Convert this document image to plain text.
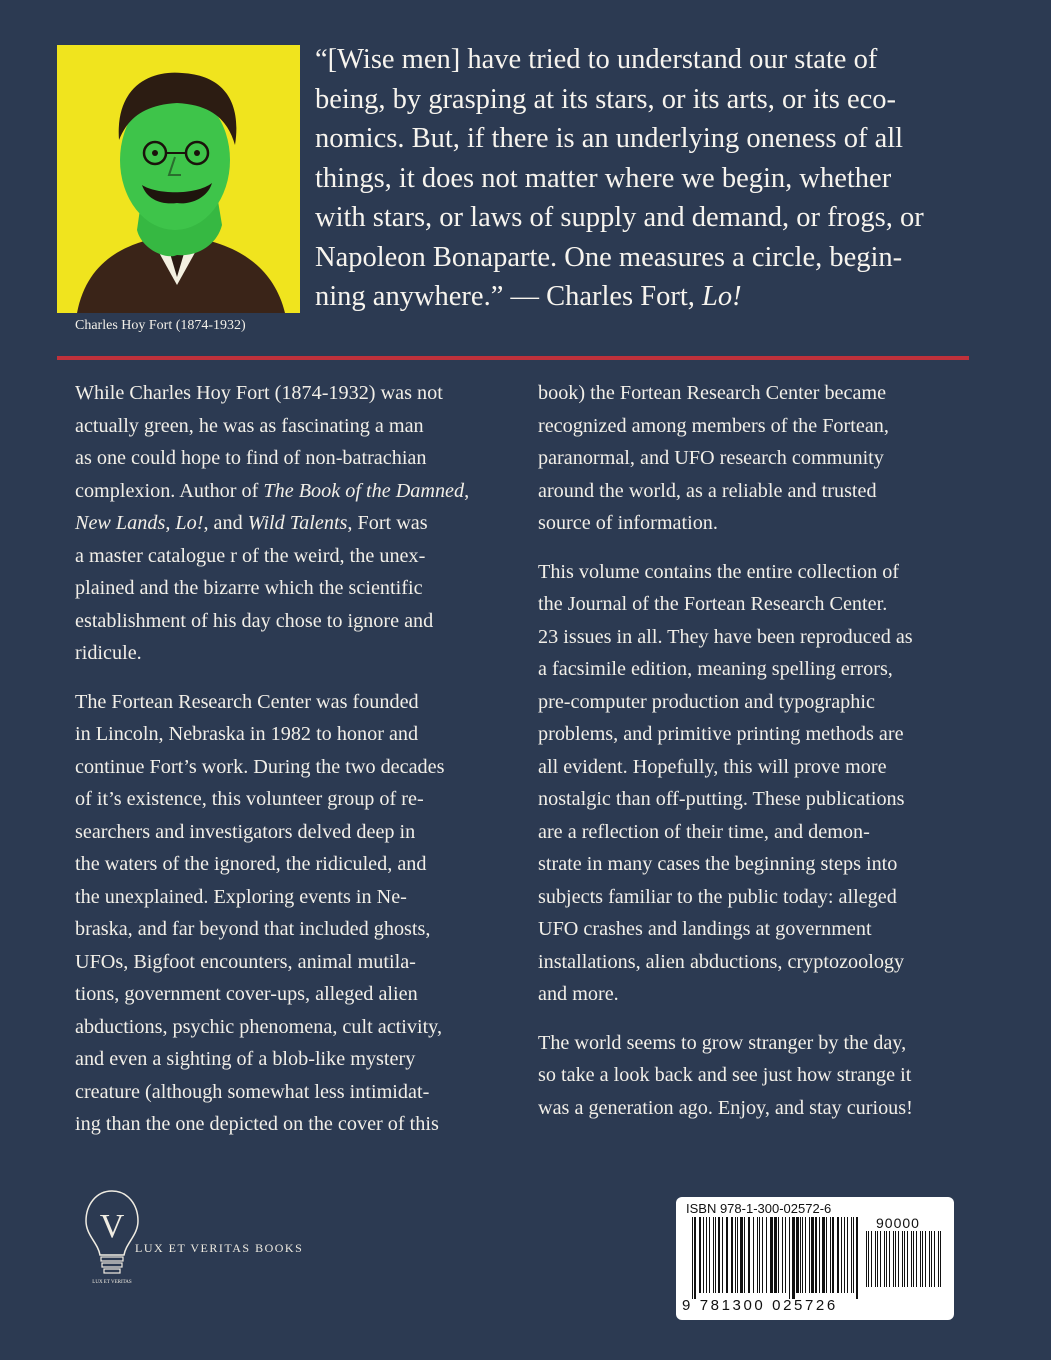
Charles Hoy Fort (1874-1932)

“[Wise men] have tried to understand our state of
being, by grasping at its stars, or its arts, or its eco-
nomics. But, if there is an underlying oneness of all
things, it does not matter where we begin, whether
with stars, or laws of supply and demand, or frogs, or
Napoleon Bonaparte. One measures a circle, begin-
ning anywhere.” — Charles Fort, Lo!

While Charles Hoy Fort (1874-1932) was not
actually green, he was as fascinating a man
as one could hope to find of non-batrachian
complexion. Author of The Book of the Damned,
New Lands, Lo!, and Wild Talents, Fort was
a master catalogue r of the weird, the unex-
plained and the bizarre which the scientific
establishment of his day chose to ignore and
ridicule.

The Fortean Research Center was founded
in Lincoln, Nebraska in 1982 to honor and
continue Fort’s work. During the two decades
of it’s existence, this volunteer group of re-
searchers and investigators delved deep in
the waters of the ignored, the ridiculed, and
the unexplained. Exploring events in Ne-
braska, and far beyond that included ghosts,
UFOs, Bigfoot encounters, animal mutila-
tions, government cover-ups, alleged alien
abductions, psychic phenomena, cult activity,
and even a sighting of a blob-like mystery
creature (although somewhat less intimidat-
ing than the one depicted on the cover of this

book) the Fortean Research Center became
recognized among members of the Fortean,
paranormal, and UFO research community
around the world, as a reliable and trusted
source of information.

This volume contains the entire collection of
the Journal of the Fortean Research Center.
23 issues in all. They have been reproduced as
a facsimile edition, meaning spelling errors,
pre-computer production and typographic
problems, and primitive printing methods are
all evident. Hopefully, this will prove more
nostalgic than off-putting. These publications
are a reflection of their time, and demon-
strate in many cases the beginning steps into
subjects familiar to the public today: alleged
UFO crashes and landings at government
installations, alien abductions, cryptozoology
and more.

The world seems to grow stranger by the day,
so take a look back and see just how strange it
was a generation ago. Enjoy, and stay curious!

V
LUX ET VERITAS
LUX ET VERITAS BOOKS
ISBN 978-1-300-02572-6
90000
9 781300 025726
